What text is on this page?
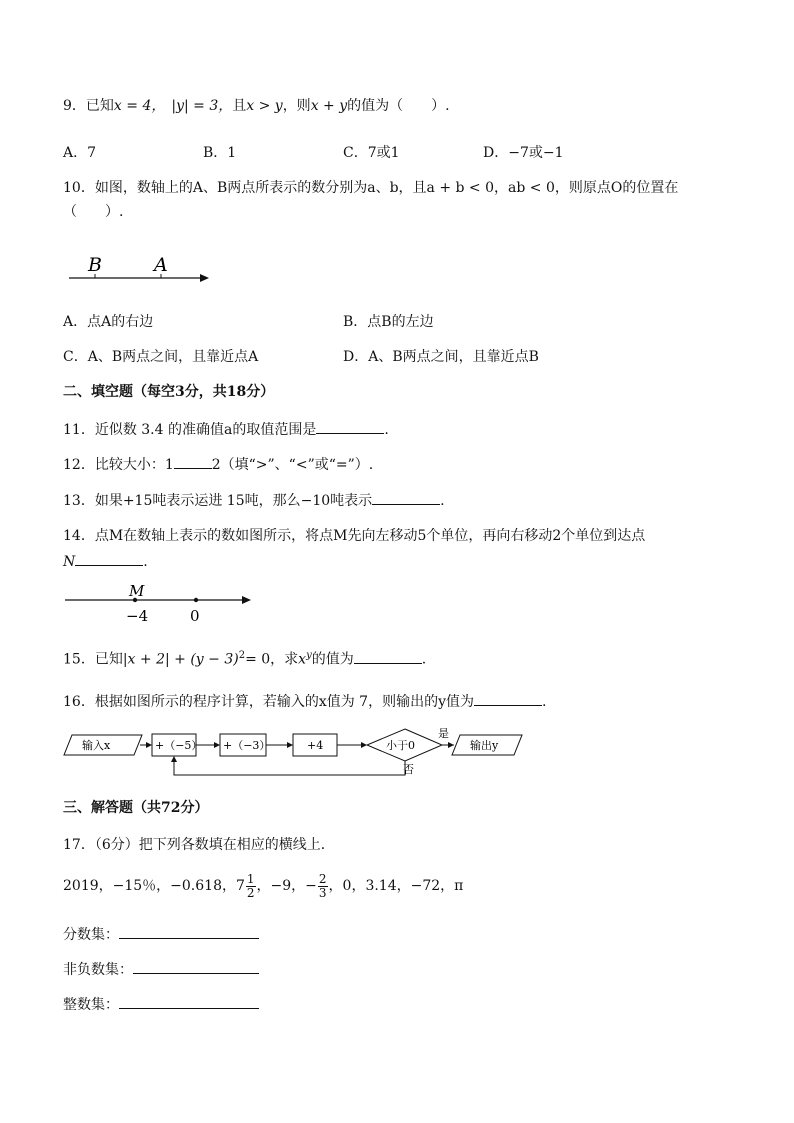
9．已知x = 4， |y| = 3，且x > y，则x + y的值为（　　）.
A．7	B．1	C．7或1	D．−7或−1
10．如图，数轴上的A、B两点所表示的数分别为a、b，且a + b < 0，ab < 0，则原点O的位置在
（　　）.
B	A
A．点A的右边	B．点B的左边
C．A、B两点之间，且靠近点A	D．A、B两点之间，且靠近点B
二、填空题（每空3分，共18分）
11．近似数 3.4 的准确值a的取值范围是	.
12．比较大小：1	2（填“>”、“<”或“=”）.
13．如果+15吨表示运进 15吨，那么−10吨表示	.
14．点M在数轴上表示的数如图所示，将点M先向左移动5个单位，再向右移动2个单位到达点
N	.
M
−4	0
15．已知$|x + 2| + (y - 3)^2= 0$，求$x^y$的值为	.
16．根据如图所示的程序计算，若输入的x值为 7，则输出的y值为	.
输入x	+（−5） +（−3）	+4	小于0
是
否
输出y
三、解答题（共72分）
17．（6分）把下列各数填在相应的横线上．
2019，−15％，−0.618，$7 \frac{1}{2}$ ，−9，− $\frac{2}{3}$ ，0，3.14，−72，π
分数集：
非负数集：
整数集：
